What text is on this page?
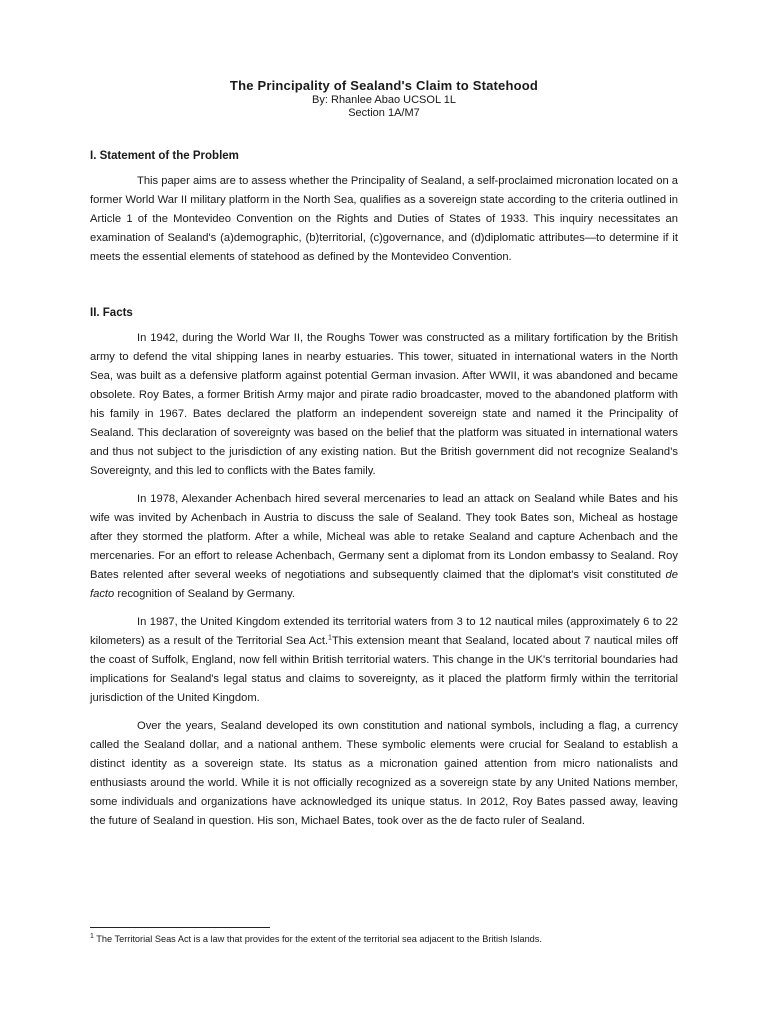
The Principality of Sealand's Claim to Statehood

By: Rhanlee Abao UCSOL 1L

Section 1A/M7

I. Statement of the Problem

This paper aims are to assess whether the Principality of Sealand, a self-proclaimed micronation located on a former World War II military platform in the North Sea, qualifies as a sovereign state according to the criteria outlined in Article 1 of the Montevideo Convention on the Rights and Duties of States of 1933. This inquiry necessitates an examination of Sealand's (a)demographic, (b)territorial, (c)governance, and (d)diplomatic attributes—to determine if it meets the essential elements of statehood as defined by the Montevideo Convention.

II. Facts

In 1942, during the World War II, the Roughs Tower was constructed as a military fortification by the British army to defend the vital shipping lanes in nearby estuaries. This tower, situated in international waters in the North Sea, was built as a defensive platform against potential German invasion. After WWII, it was abandoned and became obsolete. Roy Bates, a former British Army major and pirate radio broadcaster, moved to the abandoned platform with his family in 1967. Bates declared the platform an independent sovereign state and named it the Principality of Sealand. This declaration of sovereignty was based on the belief that the platform was situated in international waters and thus not subject to the jurisdiction of any existing nation. But the British government did not recognize Sealand’s Sovereignty, and this led to conflicts with the Bates family.

In 1978, Alexander Achenbach hired several mercenaries to lead an attack on Sealand while Bates and his wife was invited by Achenbach in Austria to discuss the sale of Sealand. They took Bates son, Micheal as hostage after they stormed the platform. After a while, Micheal was able to retake Sealand and capture Achenbach and the mercenaries. For an effort to release Achenbach, Germany sent a diplomat from its London embassy to Sealand. Roy Bates relented after several weeks of negotiations and subsequently claimed that the diplomat's visit constituted de facto recognition of Sealand by Germany.

In 1987, the United Kingdom extended its territorial waters from 3 to 12 nautical miles (approximately 6 to 22 kilometers) as a result of the Territorial Sea Act.$^1$This extension meant that Sealand, located about 7 nautical miles off the coast of Suffolk, England, now fell within British territorial waters. This change in the UK's territorial boundaries had implications for Sealand's legal status and claims to sovereignty, as it placed the platform firmly within the territorial jurisdiction of the United Kingdom.

Over the years, Sealand developed its own constitution and national symbols, including a flag, a currency called the Sealand dollar, and a national anthem. These symbolic elements were crucial for Sealand to establish a distinct identity as a sovereign state. Its status as a micronation gained attention from micro nationalists and enthusiasts around the world. While it is not officially recognized as a sovereign state by any United Nations member, some individuals and organizations have acknowledged its unique status. In 2012, Roy Bates passed away, leaving the future of Sealand in question. His son, Michael Bates, took over as the de facto ruler of Sealand.

$^1$ The Territorial Seas Act is a law that provides for the extent of the territorial sea adjacent to the British Islands.
